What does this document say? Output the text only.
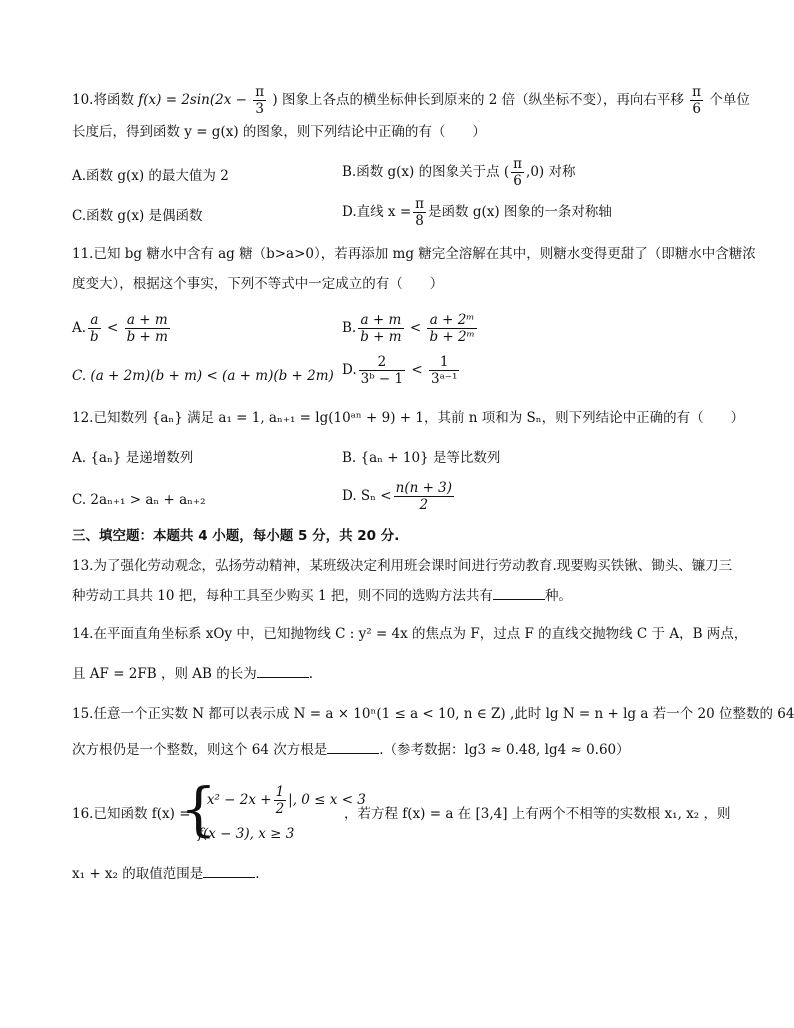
10.将函数 $f(x) = 2\sin(2x - \frac{\pi}{3}$ ) 图象上各点的横坐标伸长到原来的 2 倍（纵坐标不变），再向右平移 $\frac{\pi}{6}$ 个单位
长度后，得到函数 y = g(x) 的图象，则下列结论中正确的有（　　）
A.函数 g(x) 的最大值为 2	B.函数 g(x) 的图象关于点 ( $\frac{\pi}{6} ,0$) 对称
C.函数 g(x) 是偶函数	D.直线 $x = \frac{\pi}{8}$ 是函数 g(x) 图象的一条对称轴
11.已知 bg 糖水中含有 ag 糖（b>a>0），若再添加 mg 糖完全溶解在其中，则糖水变得更甜了（即糖水中含糖浓
度变大），根据这个事实，下列不等式中一定成立的有（　　）
A. $\frac{a}{b} < \frac{a + m}{b + m}$	B. $\frac{a + m}{b + m} < \frac{\text{a + 2ᵐ}}{\text{b + 2ᵐ}}$
C. (a + 2m)(b + m) < (a + m)(b + 2m) D. $\frac{2}{\text{3ᵇ − 1}} < \frac{1}{\text{3ᵃ⁻¹}}$
12.已知数列 {aₙ} 满足 a₁ = 1, aₙ₊₁ = lg(10ᵃⁿ + 9) + 1，其前 n 项和为 Sₙ，则下列结论中正确的有（　　）
A. {aₙ} 是递增数列	B. {aₙ + 10} 是等比数列
C. 2aₙ₊₁ > aₙ + aₙ₊₂	D. $S_n < \frac{n(n + 3)}{2}$
三、填空题：本题共 4 小题，每小题 5 分，共 20 分.
13.为了强化劳动观念，弘扬劳动精神，某班级决定利用班会课时间进行劳动教育.现要购买铁锹、锄头、镰刀三
种劳动工具共 10 把，每种工具至少购买 1 把，则不同的选购方法共有	种。
14.在平面直角坐标系 xOy 中，已知抛物线 C : y² = 4x 的焦点为 F，过点 F 的直线交抛物线 C 于 A，B 两点，
且 AF = 2FB ，则 AB 的长为	.
15.任意一个正实数 N 都可以表示成 N = a × 10ⁿ(1 ≤ a < 10, n ∈ Z) ,此时 lg N = n + lg a 若一个 20 位整数的 64
次方根仍是一个整数，则这个 64 次方根是	.（参考数据：lg3 ≈ 0.48, lg4 ≈ 0.60）
16.已知函数 f(x) =
{
| $x^2 - 2x + \frac{1}{2}$ |, 0 ≤ x < 3
f(x − 3), x ≥ 3
，若方程 f(x) = a 在 [3,4] 上有两个不相等的实数根 x₁, x₂ ，则
x₁ + x₂ 的取值范围是	.
